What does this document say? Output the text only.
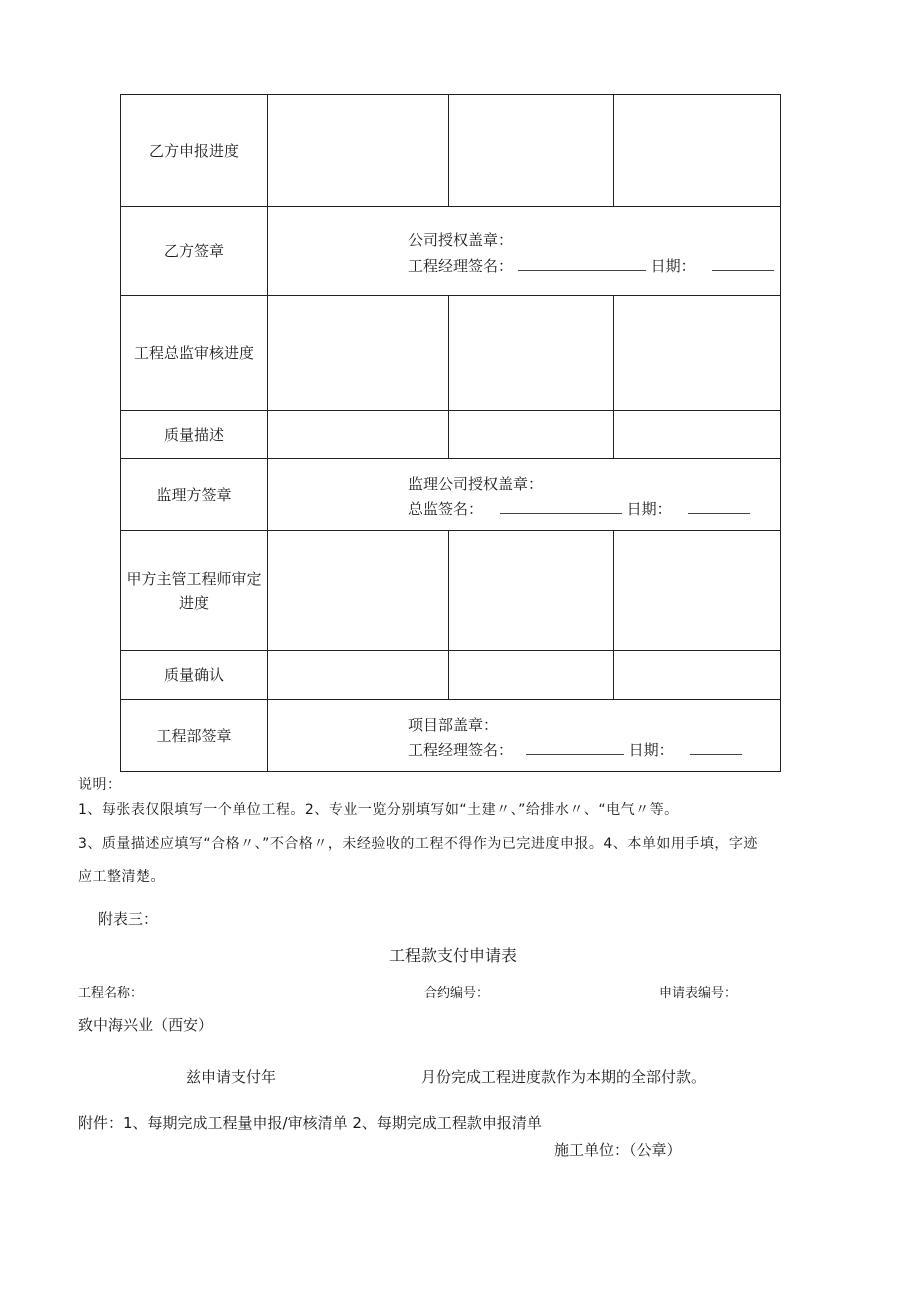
乙方申报进度			
乙方签章	公司授权盖章：
工程经理签名： 日期：		

工程总监审核进度			
质量描述			
监理方签章	监理公司授权盖章：
总监签名： 日期：		

甲方主管工程师审定
进度			

质量确认			
工程部签章	项目部盖章：
工程经理签名： 日期：		
说明：
1、每张表仅限填写一个单位工程。2、专业一览分别填写如“土建〃、”给排水〃、“电气〃等。
3、质量描述应填写“合格〃、”不合格〃，未经验收的工程不得作为已完进度申报。4、本单如用手填，字迹
应工整清楚。
附表三：
工程款支付申请表
工程名称：	合约编号：	申请表编号：
致中海兴业（西安）
兹申请支付年	月份完成工程进度款作为本期的全部付款。
附件：1、每期完成工程量申报/审核清单 2、每期完成工程款申报清单
施工单位：（公章）
